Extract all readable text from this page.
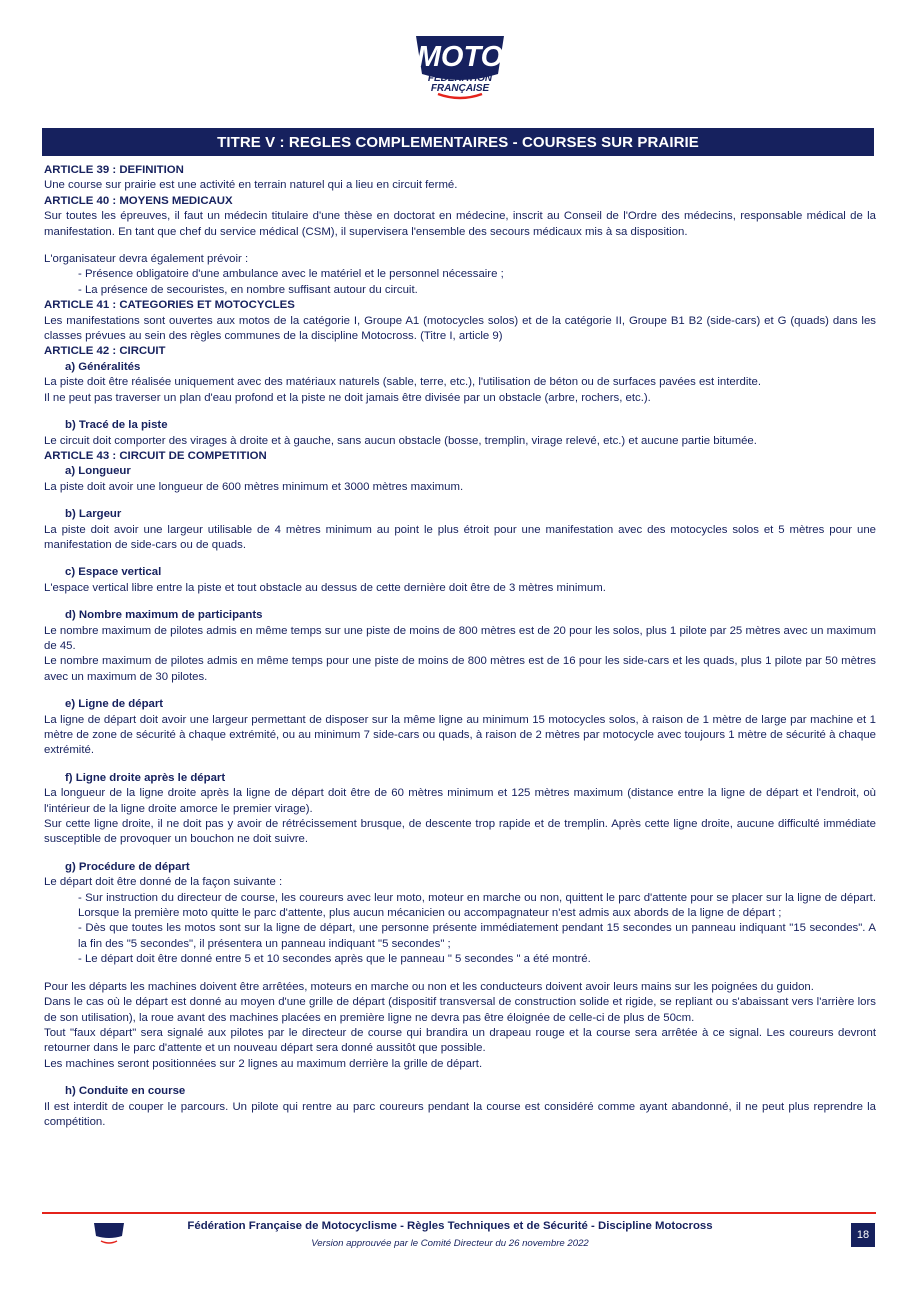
MOTO
FÉDÉRATION
FRANÇAISE
TITRE V : REGLES COMPLEMENTAIRES - COURSES SUR PRAIRIE

ARTICLE 39 : DEFINITION

Une course sur prairie est une activité en terrain naturel qui a lieu en circuit fermé.

ARTICLE 40 : MOYENS MEDICAUX

Sur toutes les épreuves, il faut un médecin titulaire d'une thèse en doctorat en médecine, inscrit au Conseil de l'Ordre des médecins, responsable médical de la manifestation. En tant que chef du service médical (CSM), il supervisera l'ensemble des secours médicaux mis à sa disposition.

L'organisateur devra également prévoir :

- Présence obligatoire d'une ambulance avec le matériel et le personnel nécessaire ;

- La présence de secouristes, en nombre suffisant autour du circuit.

ARTICLE 41 : CATEGORIES ET MOTOCYCLES

Les manifestations sont ouvertes aux motos de la catégorie I, Groupe A1 (motocycles solos) et de la catégorie II, Groupe B1 B2 (side-cars) et G (quads) dans les classes prévues au sein des règles communes de la discipline Motocross. (Titre I, article 9)

ARTICLE 42 : CIRCUIT

a) Généralités

La piste doit être réalisée uniquement avec des matériaux naturels (sable, terre, etc.), l'utilisation de béton ou de surfaces pavées est interdite.

Il ne peut pas traverser un plan d'eau profond et la piste ne doit jamais être divisée par un obstacle (arbre, rochers, etc.).

b) Tracé de la piste

Le circuit doit comporter des virages à droite et à gauche, sans aucun obstacle (bosse, tremplin, virage relevé, etc.) et aucune partie bitumée.

ARTICLE 43 : CIRCUIT DE COMPETITION

a) Longueur

La piste doit avoir une longueur de 600 mètres minimum et 3000 mètres maximum.

b) Largeur

La piste doit avoir une largeur utilisable de 4 mètres minimum au point le plus étroit pour une manifestation avec des motocycles solos et 5 mètres pour une manifestation de side-cars ou de quads.

c) Espace vertical

L'espace vertical libre entre la piste et tout obstacle au dessus de cette dernière doit être de 3 mètres minimum.

d) Nombre maximum de participants

Le nombre maximum de pilotes admis en même temps sur une piste de moins de 800 mètres est de 20 pour les solos, plus 1 pilote par 25 mètres avec un maximum de 45.

Le nombre maximum de pilotes admis en même temps pour une piste de moins de 800 mètres est de 16 pour les side-cars et les quads, plus 1 pilote par 50 mètres avec un maximum de 30 pilotes.

e) Ligne de départ

La ligne de départ doit avoir une largeur permettant de disposer sur la même ligne au minimum 15 motocycles solos, à raison de 1 mètre de large par machine et 1 mètre de zone de sécurité à chaque extrémité, ou au minimum 7 side-cars ou quads, à raison de 2 mètres par motocycle avec toujours 1 mètre de sécurité à chaque extrémité.

f) Ligne droite après le départ

La longueur de la ligne droite après la ligne de départ doit être de 60 mètres minimum et 125 mètres maximum (distance entre la ligne de départ et l'endroit, où l'intérieur de la ligne droite amorce le premier virage).

Sur cette ligne droite, il ne doit pas y avoir de rétrécissement brusque, de descente trop rapide et de tremplin. Après cette ligne droite, aucune difficulté immédiate susceptible de provoquer un bouchon ne doit suivre.

g) Procédure de départ

Le départ doit être donné de la façon suivante :

- Sur instruction du directeur de course, les coureurs avec leur moto, moteur en marche ou non, quittent le parc d'attente pour se placer sur la ligne de départ. Lorsque la première moto quitte le parc d'attente, plus aucun mécanicien ou accompagnateur n'est admis aux abords de la ligne de départ ;

- Dès que toutes les motos sont sur la ligne de départ, une personne présente immédiatement pendant 15 secondes un panneau indiquant "15 secondes". A la fin des "5 secondes", il présentera un panneau indiquant "5 secondes" ;

- Le départ doit être donné entre 5 et 10 secondes après que le panneau " 5 secondes " a été montré.

Pour les départs les machines doivent être arrêtées, moteurs en marche ou non et les conducteurs doivent avoir leurs mains sur les poignées du guidon.

Dans le cas où le départ est donné au moyen d'une grille de départ (dispositif transversal de construction solide et rigide, se repliant ou s'abaissant vers l'arrière lors de son utilisation), la roue avant des machines placées en première ligne ne devra pas être éloignée de celle-ci de plus de 50cm.

Tout "faux départ" sera signalé aux pilotes par le directeur de course qui brandira un drapeau rouge et la course sera arrêtée à ce signal. Les coureurs devront retourner dans le parc d'attente et un nouveau départ sera donné aussitôt que possible.

Les machines seront positionnées sur 2 lignes au maximum derrière la grille de départ.

h) Conduite en course

Il est interdit de couper le parcours. Un pilote qui rentre au parc coureurs pendant la course est considéré comme ayant abandonné, il ne peut plus reprendre la compétition.

Fédération Française de Motocyclisme - Règles Techniques et de Sécurité - Discipline Motocross
Version approuvée par le Comité Directeur du 26 novembre 2022
18
